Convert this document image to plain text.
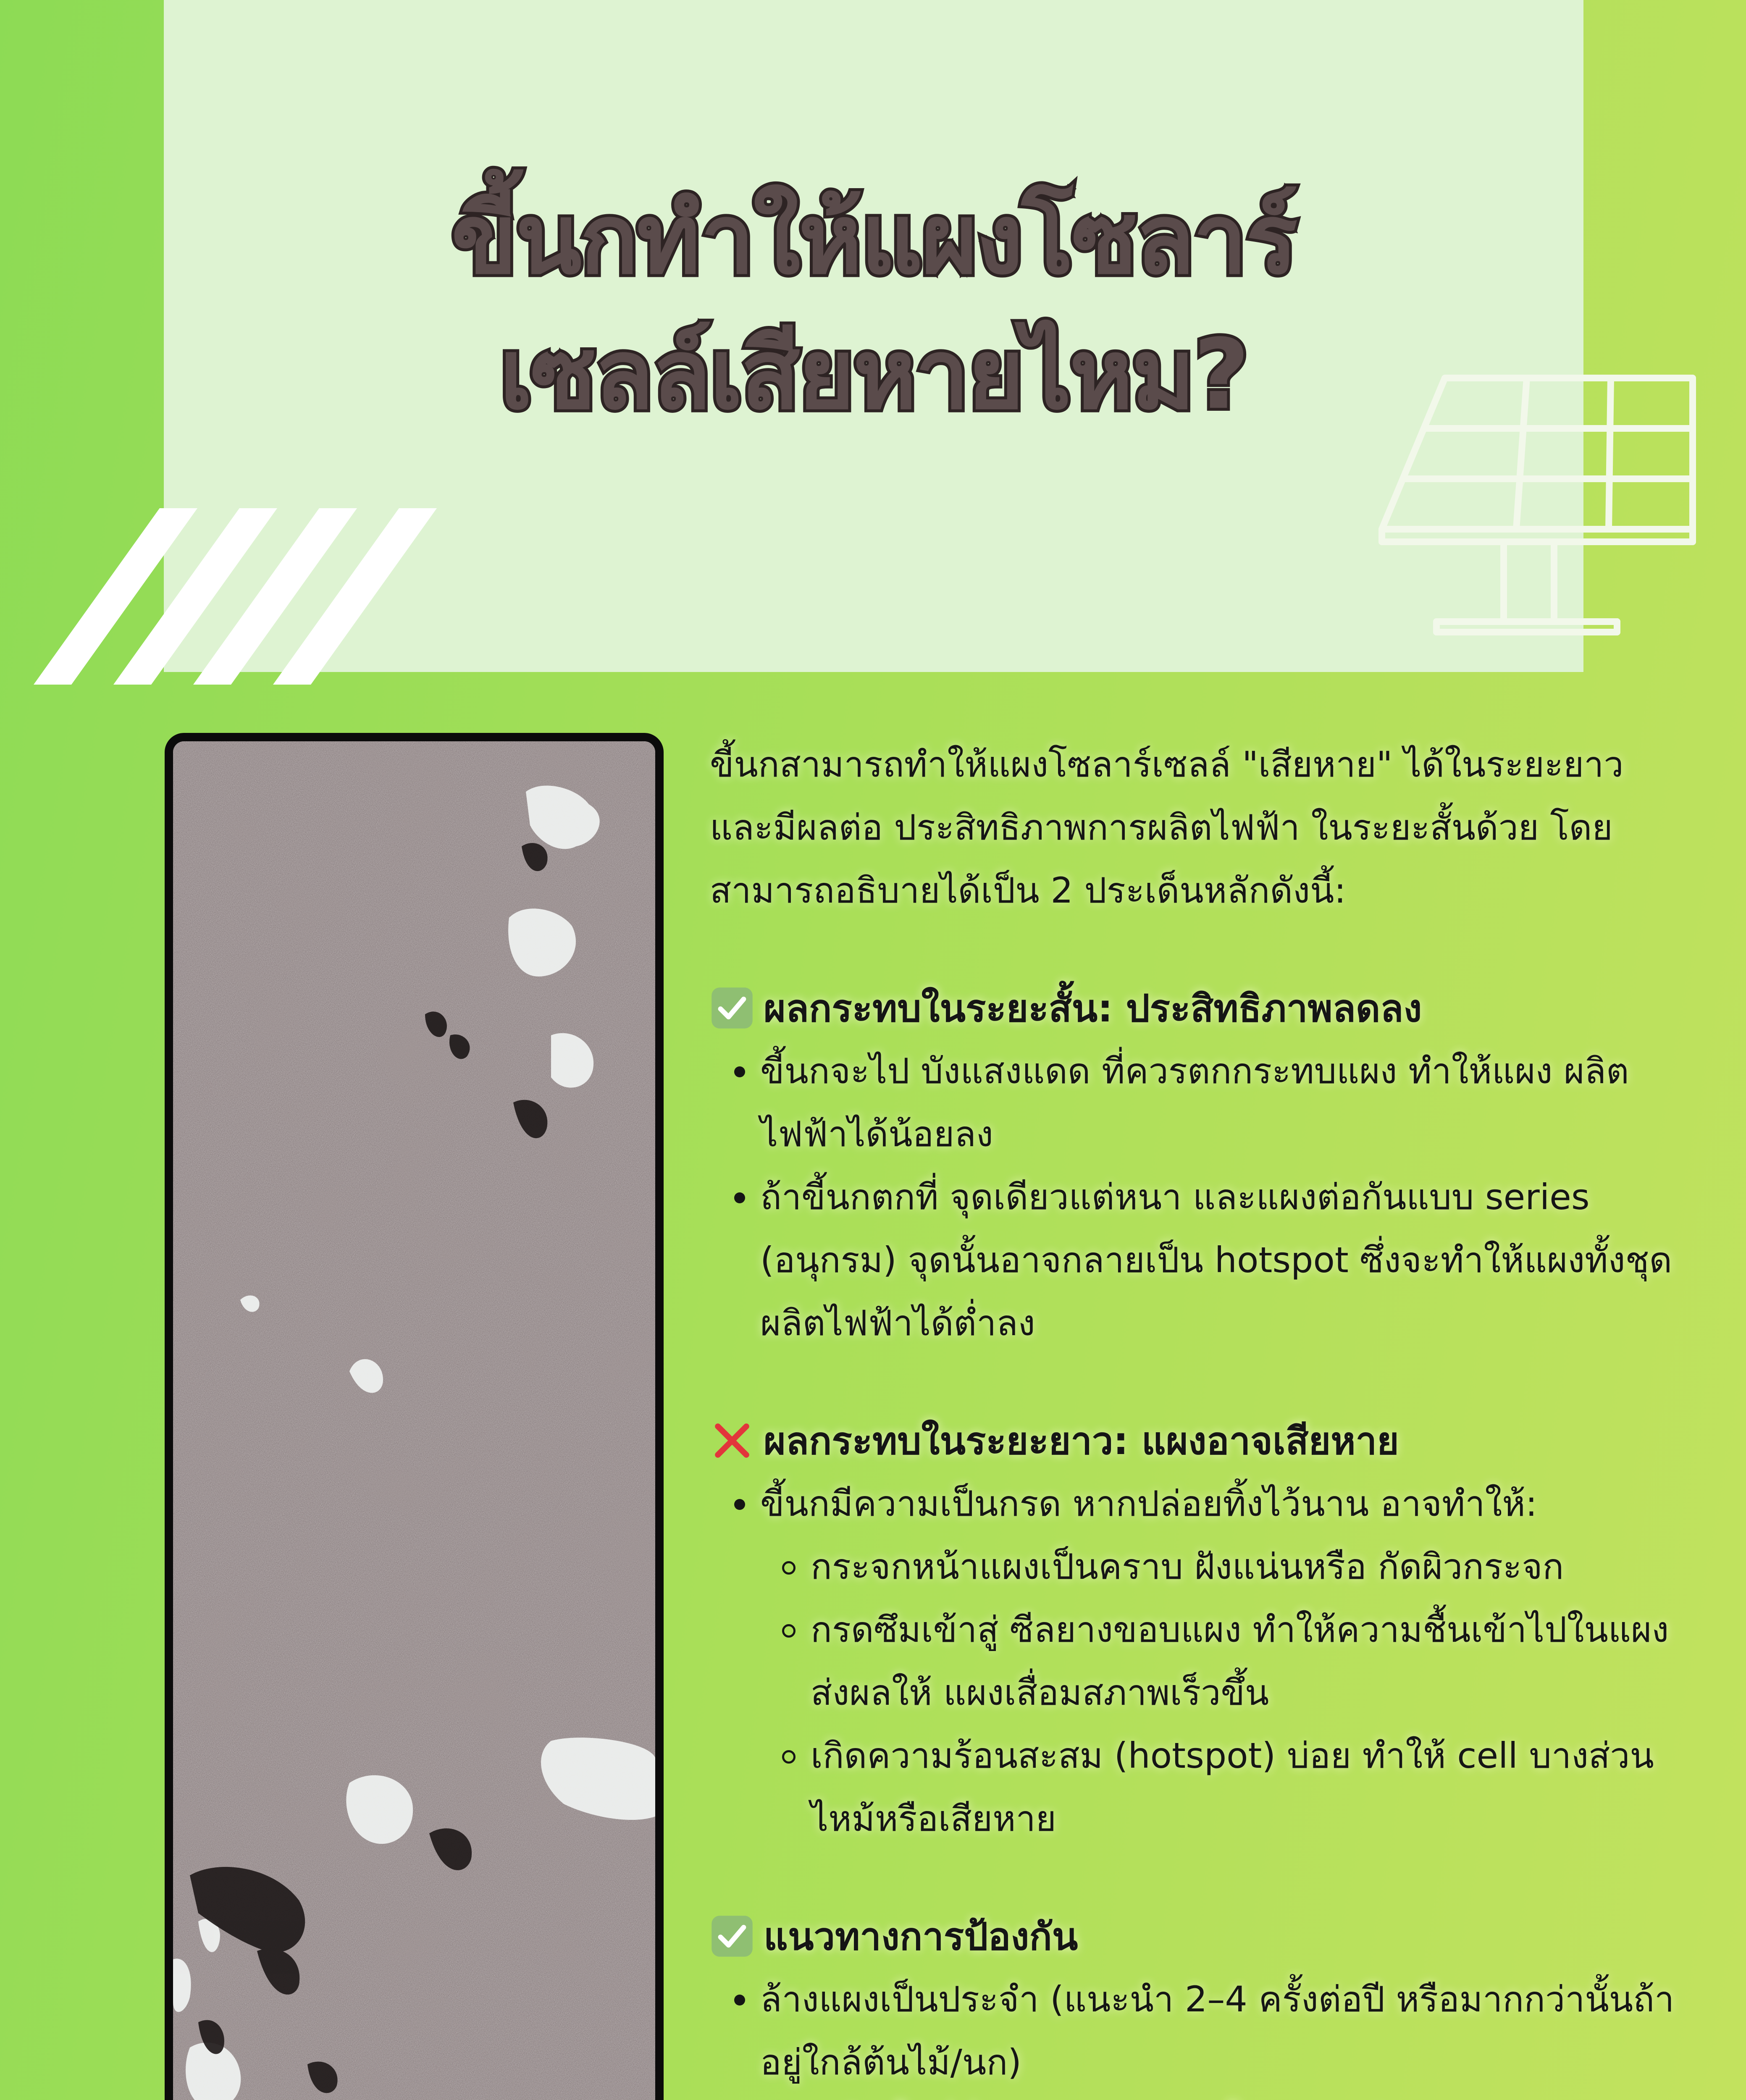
ขี้นกทำให้แผงโซลาร์
เซลล์เสียหายไหม?

ขี้นกสามารถทำให้แผงโซลาร์เซลล์ "เสียหาย" ได้ในระยะยาว และมีผลต่อ ประสิทธิภาพการผลิตไฟฟ้า ในระยะสั้นด้วย โดยสามารถอธิบายได้เป็น 2 ประเด็นหลักดังนี้:

ผลกระทบในระยะสั้น: ประสิทธิภาพลดลง
ขี้นกจะไป บังแสงแดด ที่ควรตกกระทบแผง ทำให้แผง ผลิตไฟฟ้าได้น้อยลง
ถ้าขี้นกตกที่ จุดเดียวแต่หนา และแผงต่อกันแบบ series (อนุกรม) จุดนั้นอาจกลายเป็น hotspot ซึ่งจะทำให้แผงทั้งชุดผลิตไฟฟ้าได้ต่ำลง
ผลกระทบในระยะยาว: แผงอาจเสียหาย
ขี้นกมีความเป็นกรด หากปล่อยทิ้งไว้นาน อาจทำให้:
กระจกหน้าแผงเป็นคราบ ฝังแน่นหรือ กัดผิวกระจก
กรดซึมเข้าสู่ ซีลยางขอบแผง ทำให้ความชื้นเข้าไปในแผง ส่งผลให้ แผงเสื่อมสภาพเร็วขึ้น
เกิดความร้อนสะสม (hotspot) บ่อย ทำให้ cell บางส่วนไหม้หรือเสียหาย
แนวทางการป้องกัน
ล้างแผงเป็นประจำ (แนะนำ 2–4 ครั้งต่อปี หรือมากกว่านั้นถ้าอยู่ใกล้ต้นไม้/นก)
